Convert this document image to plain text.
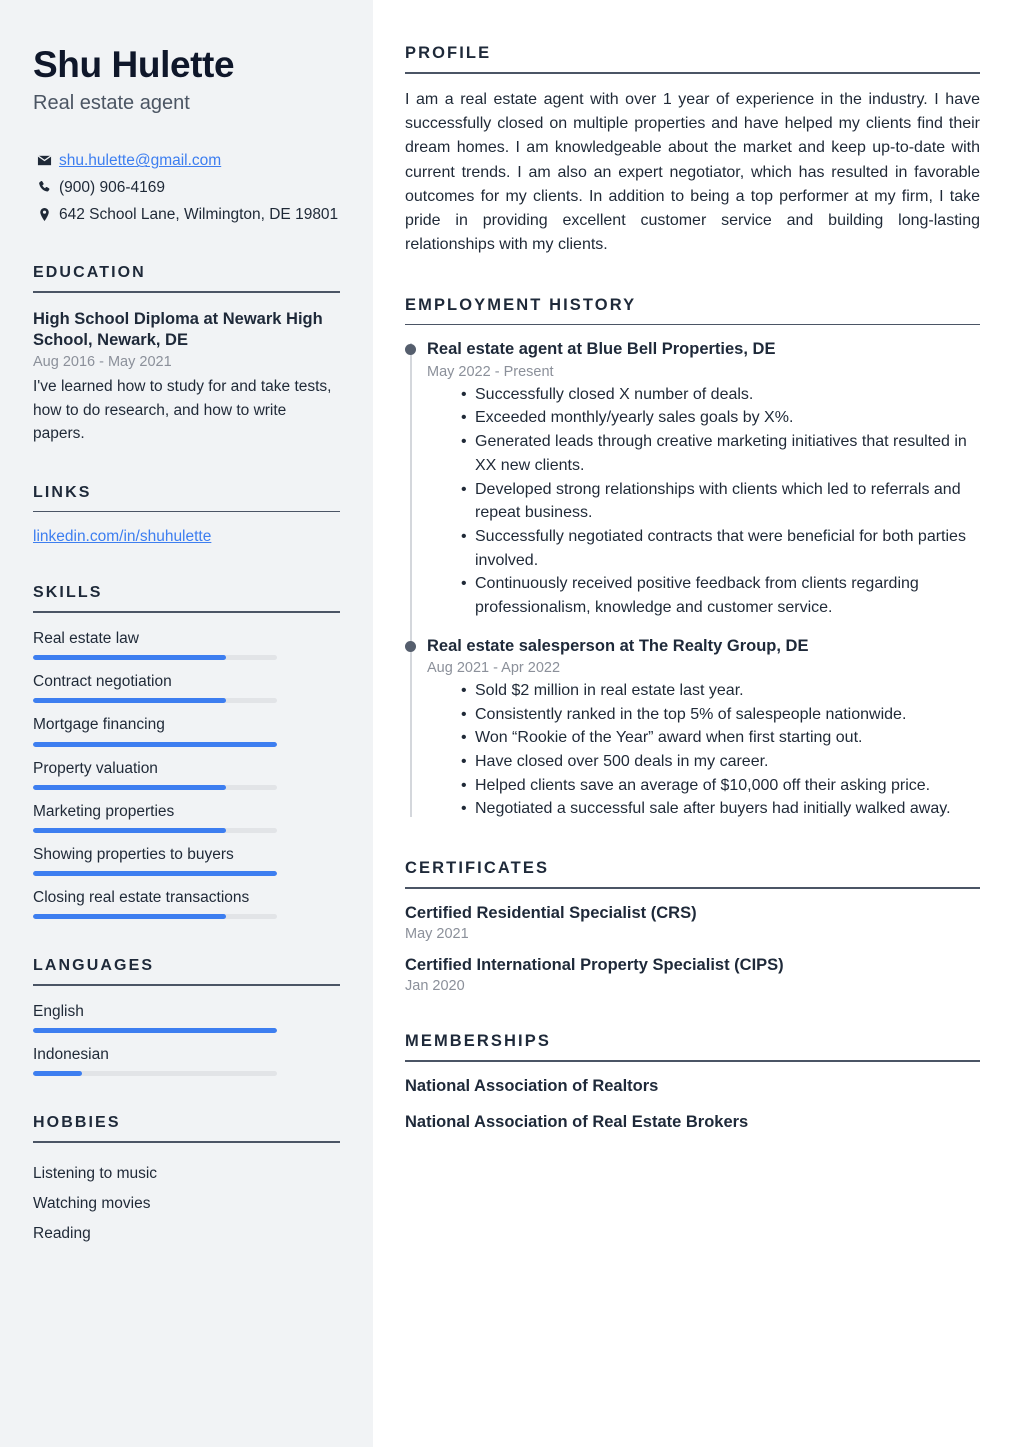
Shu Hulette
Real estate agent
shu.hulette@gmail.com
(900) 906-4169
642 School Lane, Wilmington, DE 19801
EDUCATION
High School Diploma at Newark High School, Newark, DE
Aug 2016 - May 2021
I've learned how to study for and take tests, how to do research, and how to write papers.
LINKS
linkedin.com/in/shuhulette
SKILLS
Real estate law
Contract negotiation
Mortgage financing
Property valuation
Marketing properties
Showing properties to buyers
Closing real estate transactions
LANGUAGES
English
Indonesian
HOBBIES
Listening to music
Watching movies
Reading
PROFILE

I am a real estate agent with over 1 year of experience in the industry. I have successfully closed on multiple properties and have helped my clients find their dream homes. I am knowledgeable about the market and keep up-to-date with current trends. I am also an expert negotiator, which has resulted in favorable outcomes for my clients. In addition to being a top performer at my firm, I take pride in providing excellent customer service and building long-lasting relationships with my clients.

EMPLOYMENT HISTORY
Real estate agent at Blue Bell Properties, DE
May 2022 - Present
• Successfully closed X number of deals.
• Exceeded monthly/yearly sales goals by X%.
• Generated leads through creative marketing initiatives that resulted in XX new clients.
• Developed strong relationships with clients which led to referrals and repeat business.
• Successfully negotiated contracts that were beneficial for both parties involved.
• Continuously received positive feedback from clients regarding professionalism, knowledge and customer service.
Real estate salesperson at The Realty Group, DE
Aug 2021 - Apr 2022
• Sold $2 million in real estate last year.
• Consistently ranked in the top 5% of salespeople nationwide.
• Won “Rookie of the Year” award when first starting out.
• Have closed over 500 deals in my career.
• Helped clients save an average of $10,000 off their asking price.
• Negotiated a successful sale after buyers had initially walked away.
CERTIFICATES
Certified Residential Specialist (CRS)
May 2021
Certified International Property Specialist (CIPS)
Jan 2020
MEMBERSHIPS
National Association of Realtors
National Association of Real Estate Brokers
